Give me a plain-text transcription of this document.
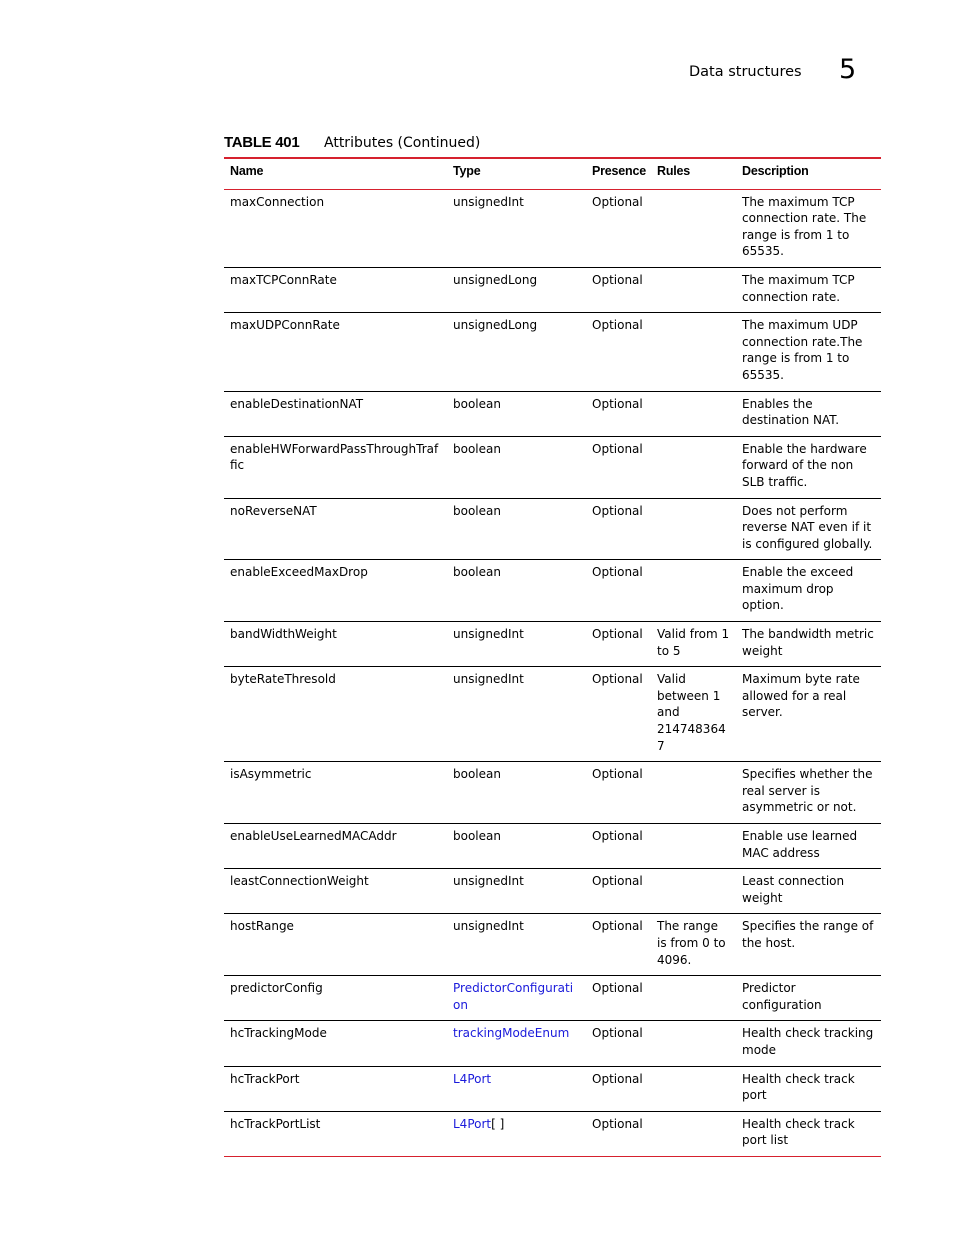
Data structures 5
TABLE 401 Attributes (Continued)
Name	Type	Presence	Rules	Description
maxConnection	unsignedInt	Optional		The maximum TCP connection rate. The range is from 1 to 65535.
maxTCPConnRate	unsignedLong	Optional		The maximum TCP connection rate.
maxUDPConnRate	unsignedLong	Optional		The maximum UDP connection rate.The range is from 1 to 65535.
enableDestinationNAT	boolean	Optional		Enables the destination NAT.
enableHWForwardPassThroughTraffic	boolean	Optional		Enable the hardware forward of the non SLB traffic.
noReverseNAT	boolean	Optional		Does not perform reverse NAT even if it is configured globally.
enableExceedMaxDrop	boolean	Optional		Enable the exceed maximum drop option.
bandWidthWeight	unsignedInt	Optional	Valid from 1 to 5	The bandwidth metric weight
byteRateThresold	unsignedInt	Optional	Valid between 1 and 2147483647	Maximum byte rate allowed for a real server.
isAsymmetric	boolean	Optional		Specifies whether the real server is asymmetric or not.
enableUseLearnedMACAddr	boolean	Optional		Enable use learned MAC address
leastConnectionWeight	unsignedInt	Optional		Least connection weight
hostRange	unsignedInt	Optional	The range is from 0 to 4096.	Specifies the range of the host.
predictorConfig	PredictorConfiguration	Optional		Predictor configuration
hcTrackingMode	trackingModeEnum	Optional		Health check tracking mode
hcTrackPort	L4Port	Optional		Health check track port
hcTrackPortList	L4Port[ ]	Optional		Health check track port list
